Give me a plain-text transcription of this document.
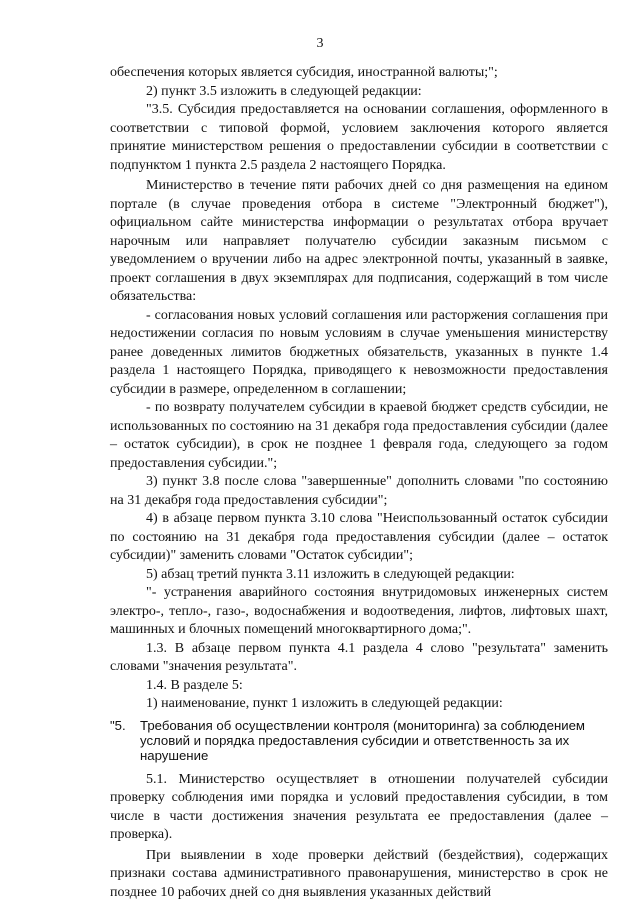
3

обеспечения которых является субсидия, иностранной валюты;";

2) пункт 3.5 изложить в следующей редакции:

"3.5. Субсидия предоставляется на основании соглашения, оформленного в соответствии с типовой формой, условием заключения которого является принятие министерством решения о предоставлении субсидии в соответствии с подпунктом 1 пункта 2.5 раздела 2 настоящего Порядка.

Министерство в течение пяти рабочих дней со дня размещения на едином портале (в случае проведения отбора в системе "Электронный бюджет"), официальном сайте министерства информации о результатах отбора вручает нарочным или направляет получателю субсидии заказным письмом с уведомлением о вручении либо на адрес электронной почты, указанный в заявке, проект соглашения в двух экземплярах для подписания, содержащий в том числе обязательства:

- согласования новых условий соглашения или расторжения соглашения при недостижении согласия по новым условиям в случае уменьшения министерству ранее доведенных лимитов бюджетных обязательств, указанных в пункте 1.4 раздела 1 настоящего Порядка, приводящего к невозможности предоставления субсидии в размере, определенном в соглашении;

- по возврату получателем субсидии в краевой бюджет средств субсидии, не использованных по состоянию на 31 декабря года предоставления субсидии (далее – остаток субсидии), в срок не позднее 1 февраля года, следующего за годом предоставления субсидии.";

3) пункт 3.8 после слова "завершенные" дополнить словами "по состоянию на 31 декабря года предоставления субсидии";

4) в абзаце первом пункта 3.10 слова "Неиспользованный остаток субсидии по состоянию на 31 декабря года предоставления субсидии (далее – остаток субсидии)" заменить словами "Остаток субсидии";

5) абзац третий пункта 3.11 изложить в следующей редакции:

"- устранения аварийного состояния внутридомовых инженерных систем электро-, тепло-, газо-, водоснабжения и водоотведения, лифтов, лифтовых шахт, машинных и блочных помещений многоквартирного дома;".

1.3. В абзаце первом пункта 4.1 раздела 4 слово "результата" заменить словами "значения результата".

1.4. В разделе 5:

1) наименование, пункт 1 изложить в следующей редакции:

"5. Требования об осуществлении контроля (мониторинга) за соблюдением условий и порядка предоставления субсидии и ответственность за их нарушение

5.1. Министерство осуществляет в отношении получателей субсидии проверку соблюдения ими порядка и условий предоставления субсидии, в том числе в части достижения значения результата ее предоставления (далее – проверка).

При выявлении в ходе проверки действий (бездействия), содержащих признаки состава административного правонарушения, министерство в срок не позднее 10 рабочих дней со дня выявления указанных действий
